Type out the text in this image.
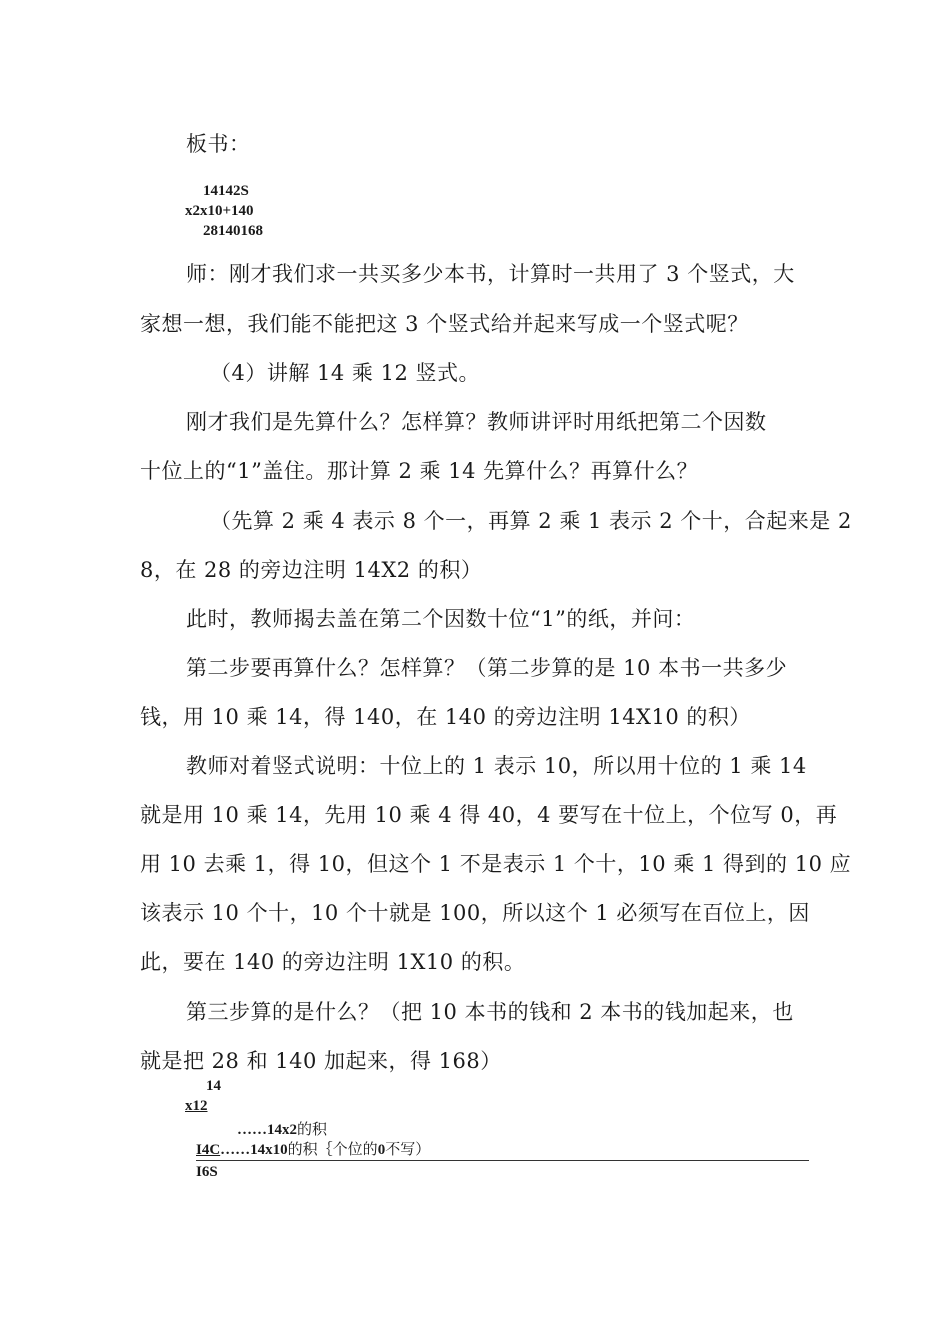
板书：
14142S
x2x10+140
28140168
师：刚才我们求一共买多少本书，计算时一共用了 3 个竖式，大
家想一想，我们能不能把这 3 个竖式给并起来写成一个竖式呢？
（4）讲解 14 乘 12 竖式。
刚才我们是先算什么？怎样算？教师讲评时用纸把第二个因数
十位上的“1”盖住。那计算 2 乘 14 先算什么？再算什么？
（先算 2 乘 4 表示 8 个一，再算 2 乘 1 表示 2 个十，合起来是 2
8，在 28 的旁边注明 14X2 的积）
此时，教师揭去盖在第二个因数十位“1”的纸，并问：
第二步要再算什么？怎样算？（第二步算的是 10 本书一共多少
钱，用 10 乘 14，得 140，在 140 的旁边注明 14X10 的积）
教师对着竖式说明：十位上的 1 表示 10，所以用十位的 1 乘 14
就是用 10 乘 14，先用 10 乘 4 得 40，4 要写在十位上，个位写 0，再
用 10 去乘 1，得 10，但这个 1 不是表示 1 个十，10 乘 1 得到的 10 应
该表示 10 个十，10 个十就是 100，所以这个 1 必须写在百位上，因
此，要在 140 的旁边注明 1X10 的积。
第三步算的是什么？（把 10 本书的钱和 2 本书的钱加起来，也
就是把 28 和 140 加起来，得 168）
14
x12
……14x2的积
I4C……14x10的积｛个位的0不写）
I6S
